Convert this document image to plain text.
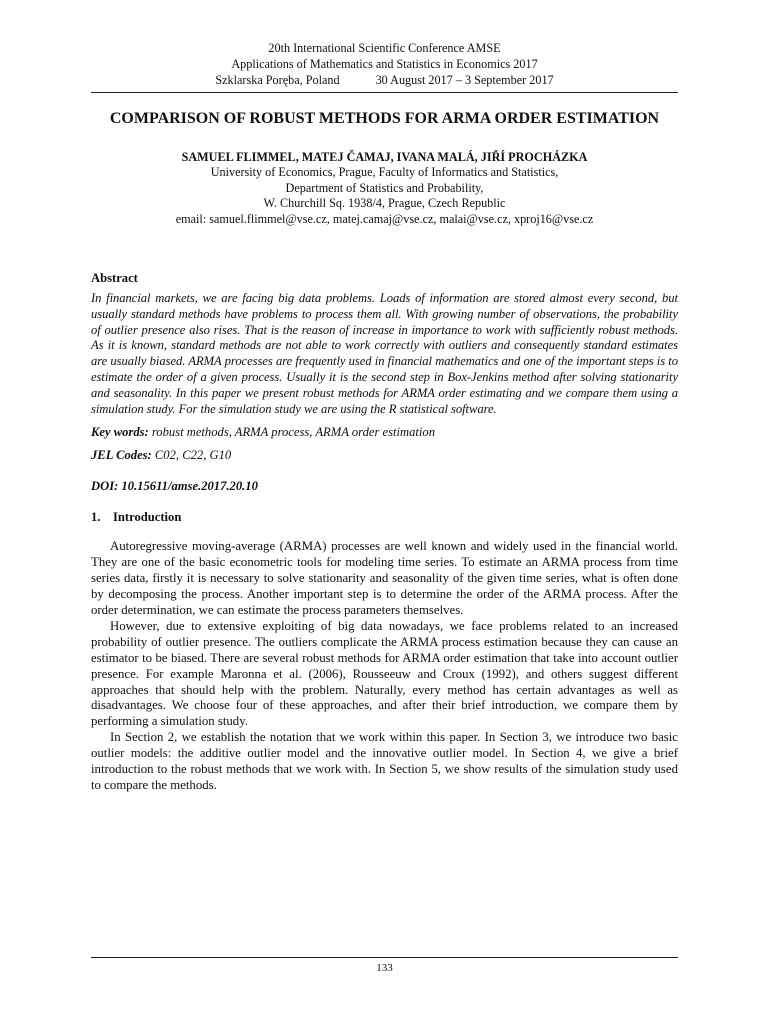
20th International Scientific Conference AMSE
Applications of Mathematics and Statistics in Economics 2017
Szklarska Poręba, Poland	30 August 2017 – 3 September 2017
COMPARISON OF ROBUST METHODS FOR ARMA ORDER ESTIMATION
SAMUEL FLIMMEL, MATEJ ČAMAJ, IVANA MALÁ, JIŘÍ PROCHÁZKA
University of Economics, Prague, Faculty of Informatics and Statistics,
Department of Statistics and Probability,
W. Churchill Sq. 1938/4, Prague, Czech Republic
email: samuel.flimmel@vse.cz, matej.camaj@vse.cz, malai@vse.cz, xproj16@vse.cz
Abstract
In financial markets, we are facing big data problems. Loads of information are stored almost every second, but usually standard methods have problems to process them all. With growing number of observations, the probability of outlier presence also rises. That is the reason of increase in importance to work with sufficiently robust methods. As it is known, standard methods are not able to work correctly with outliers and consequently standard estimates are usually biased. ARMA processes are frequently used in financial mathematics and one of the important steps is to estimate the order of a given process. Usually it is the second step in Box-Jenkins method after solving stationarity and seasonality. In this paper we present robust methods for ARMA order estimating and we compare them using a simulation study. For the simulation study we are using the R statistical software.
Key words: robust methods, ARMA process, ARMA order estimation
JEL Codes: C02, C22, G10
DOI: 10.15611/amse.2017.20.10
1. Introduction

Autoregressive moving-average (ARMA) processes are well known and widely used in the financial world. They are one of the basic econometric tools for modeling time series. To estimate an ARMA process from time series data, firstly it is necessary to solve stationarity and seasonality of the given time series, what is often done by decomposing the process. Another important step is to determine the order of the ARMA process. After the order determination, we can estimate the process parameters themselves.

However, due to extensive exploiting of big data nowadays, we face problems related to an increased probability of outlier presence. The outliers complicate the ARMA process estimation because they can cause an estimator to be biased. There are several robust methods for ARMA order estimation that take into account outlier presence. For example Maronna et al. (2006), Rousseeuw and Croux (1992), and others suggest different approaches that should help with the problem. Naturally, every method has certain advantages as well as disadvantages. We choose four of these approaches, and after their brief introduction, we compare them by performing a simulation study.

In Section 2, we establish the notation that we work within this paper. In Section 3, we introduce two basic outlier models: the additive outlier model and the innovative outlier model. In Section 4, we give a brief introduction to the robust methods that we work with. In Section 5, we show results of the simulation study used to compare the methods.

133
